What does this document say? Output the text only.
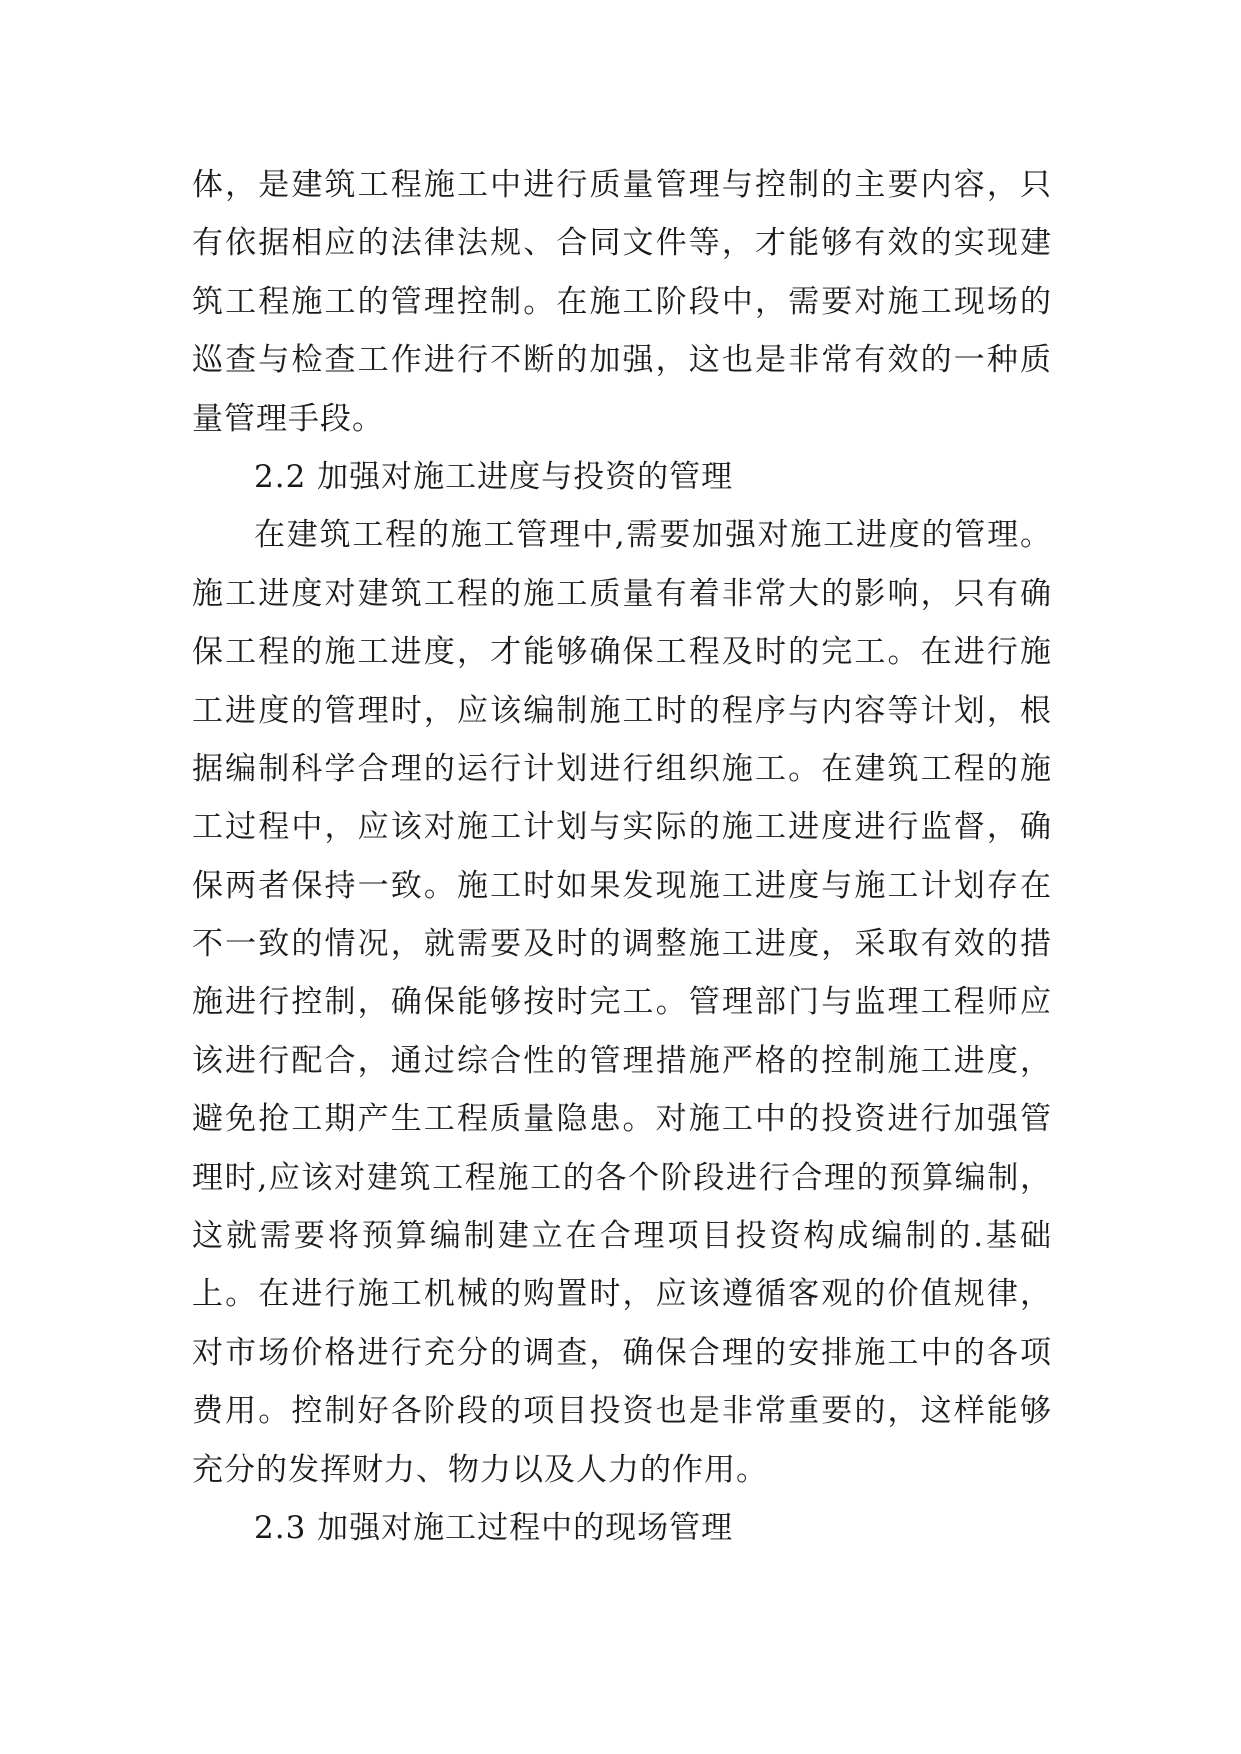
体，是建筑工程施工中进行质量管理与控制的主要内容，只
有依据相应的法律法规、合同文件等，才能够有效的实现建
筑工程施工的管理控制。在施工阶段中，需要对施工现场的
巡查与检查工作进行不断的加强，这也是非常有效的一种质
量管理手段。
2.2 加强对施工进度与投资的管理
在建筑工程的施工管理中,需要加强对施工进度的管理。
施工进度对建筑工程的施工质量有着非常大的影响，只有确
保工程的施工进度，才能够确保工程及时的完工。在进行施
工进度的管理时，应该编制施工时的程序与内容等计划，根
据编制科学合理的运行计划进行组织施工。在建筑工程的施
工过程中，应该对施工计划与实际的施工进度进行监督，确
保两者保持一致。施工时如果发现施工进度与施工计划存在
不一致的情况，就需要及时的调整施工进度，采取有效的措
施进行控制，确保能够按时完工。管理部门与监理工程师应
该进行配合，通过综合性的管理措施严格的控制施工进度，
避免抢工期产生工程质量隐患。对施工中的投资进行加强管
理时,应该对建筑工程施工的各个阶段进行合理的预算编制，
这就需要将预算编制建立在合理项目投资构成编制的.基础
上。在进行施工机械的购置时，应该遵循客观的价值规律，
对市场价格进行充分的调查，确保合理的安排施工中的各项
费用。控制好各阶段的项目投资也是非常重要的，这样能够
充分的发挥财力、物力以及人力的作用。
2.3 加强对施工过程中的现场管理
